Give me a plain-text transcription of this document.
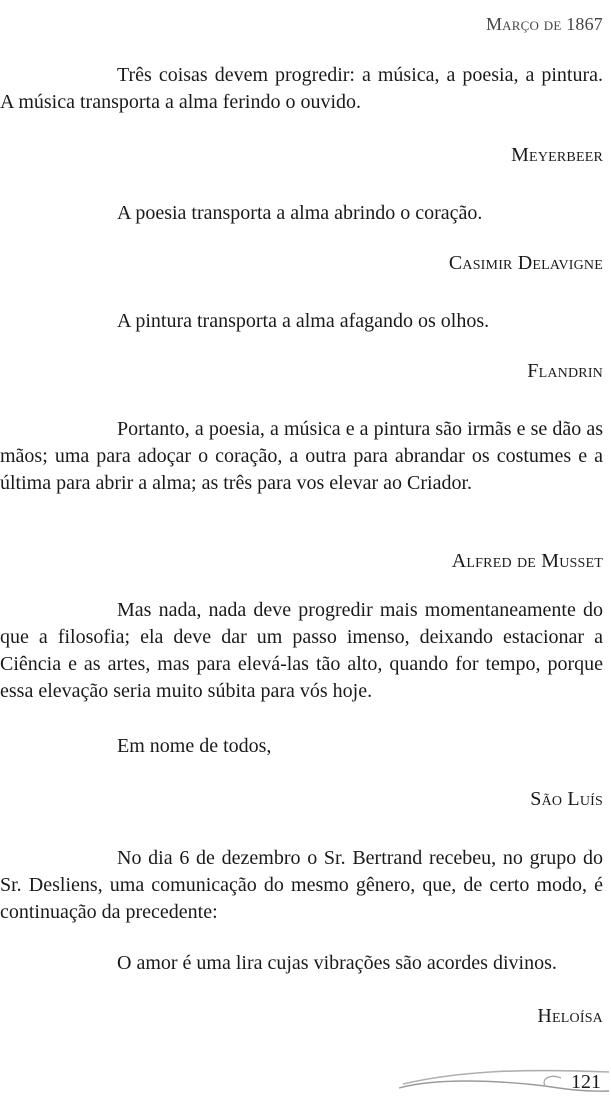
Março de 1867
Três coisas devem progredir: a música, a poesia, a pintura. A música transporta a alma ferindo o ouvido.
Meyerbeer
A poesia transporta a alma abrindo o coração.
Casimir Delavigne
A pintura transporta a alma afagando os olhos.
Flandrin
Portanto, a poesia, a música e a pintura são irmãs e se dão as mãos; uma para adoçar o coração, a outra para abrandar os costumes e a última para abrir a alma; as três para vos elevar ao Criador.
Alfred de Musset
Mas nada, nada deve progredir mais momentaneamente do que a filosofia; ela deve dar um passo imenso, deixando estacionar a Ciência e as artes, mas para elevá-las tão alto, quando for tempo, porque essa elevação seria muito súbita para vós hoje.
Em nome de todos,
São Luís
No dia 6 de dezembro o Sr. Bertrand recebeu, no grupo do Sr. Desliens, uma comunicação do mesmo gênero, que, de certo modo, é continuação da precedente:
O amor é uma lira cujas vibrações são acordes divinos.
Heloísa
121
